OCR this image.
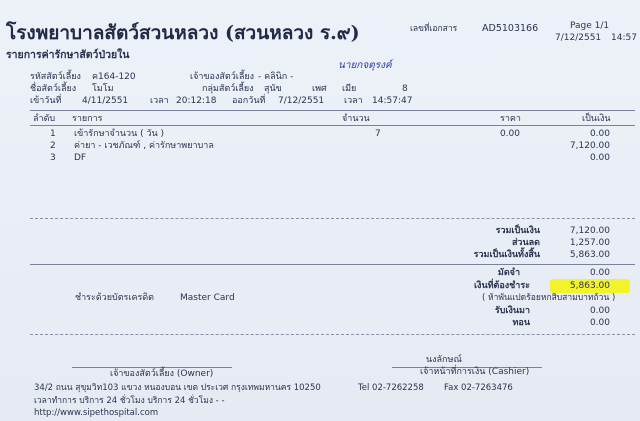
โรงพยาบาลสัตว์สวนหลวง (สวนหลวง ร.๙)
รายการค่ารักษาสัตว์ป่วยใน
เลขที่เอกสาร	AD5103166	Page 1/1
7/12/2551 14:57
นายกจตุรงค์
รหัสสัตว์เลี้ยง ค164-120	เจ้าของสัตว์เลี้ยง - คลินิก -
ชื่อสัตว์เลี้ยง โมโม	กลุ่มสัตว์เลี้ยง สุนัข	เพศ เมีย	8
เข้าวันที่ 4/11/2551 เวลา 20:12:18 ออกวันที่ 7/12/2551 เวลา 14:57:47
ลำดับ รายการ	จำนวน	ราคา	เป็นเงิน
1 เข้ารักษาจำนวน ( วัน )	7	0.00	0.00
2 ค่ายา - เวชภัณฑ์ , ค่ารักษาพยาบาล	7,120.00
3 DF	0.00
รวมเป็นเงิน	7,120.00
ส่วนลด	1,257.00
รวมเป็นเงินทั้งสิ้น	5,863.00
มัดจำ	0.00
เงินที่ต้องชำระ	5,863.00
( ห้าพันแปดร้อยหกสิบสามบาทถ้วน )
ชำระด้วยบัตรเครดิต	Master Card
รับเงินมา	0.00
ทอน	0.00
นงลักษณ์
เจ้าของสัตว์เลี้ยง (Owner)	เจ้าหน้าที่การเงิน (Cashier)
34/2 ถนน สุขุมวิท103 แขวง หนองบอน เขต ประเวศ กรุงเทพมหานคร 10250	Tel 02-7262258 Fax 02-7263476
เวลาทำการ บริการ 24 ชั่วโมง บริการ 24 ชั่วโมง - -
http://www.sipethospital.com
